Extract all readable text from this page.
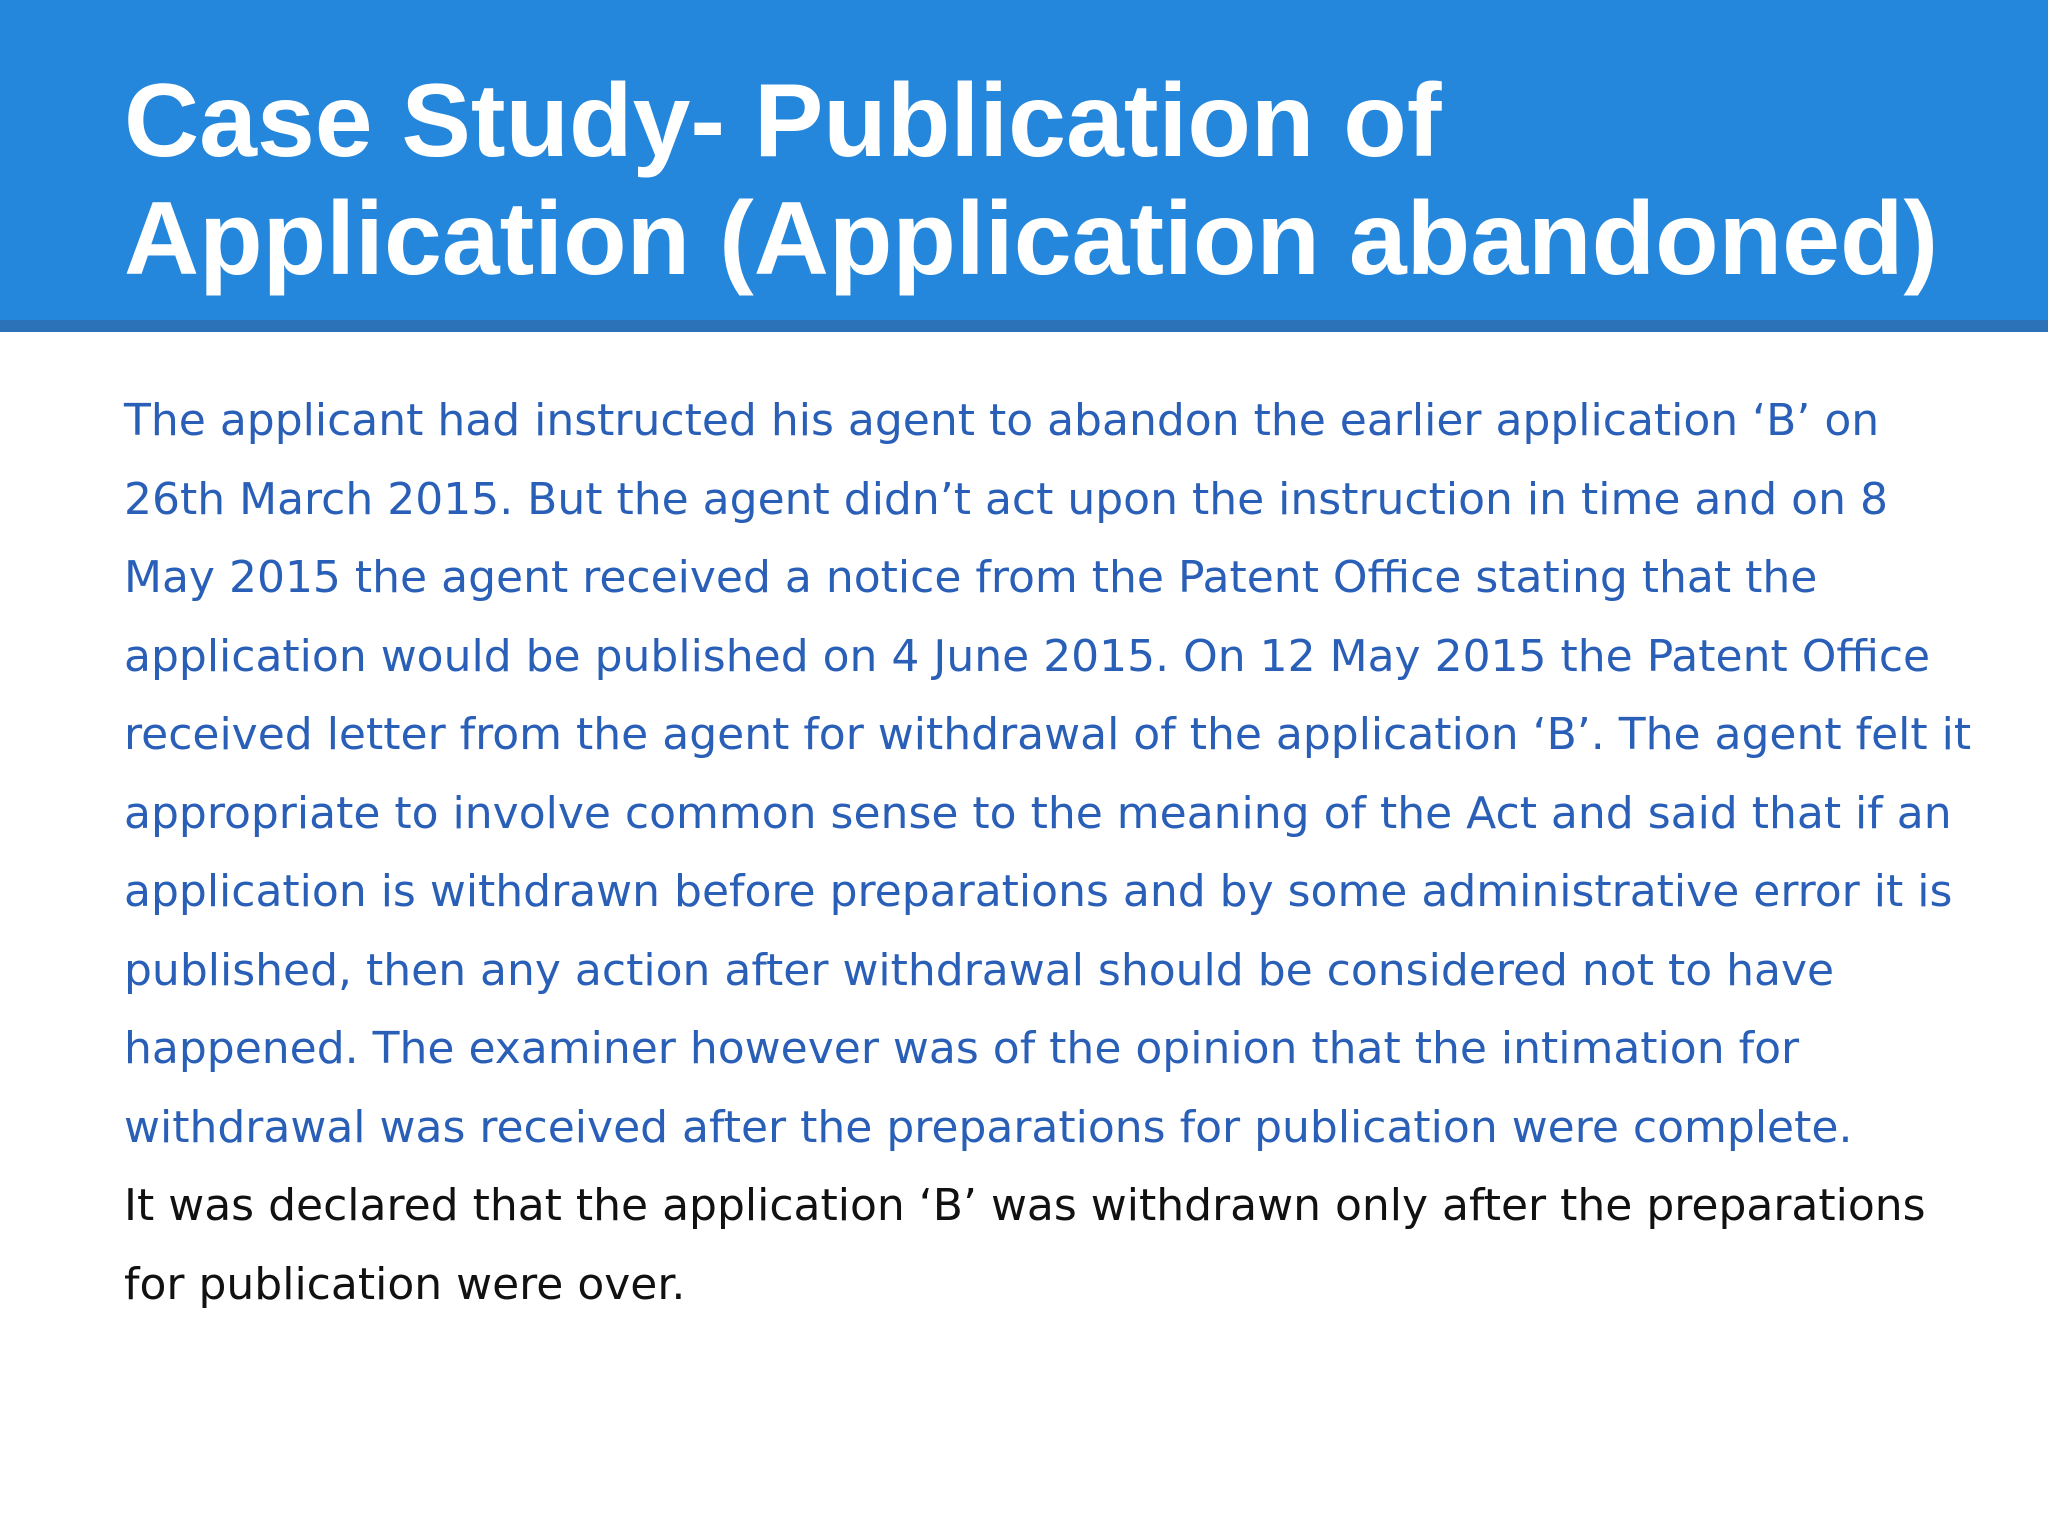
Case Study- Publication of Application (Application abandoned)

The applicant had instructed his agent to abandon the earlier application ‘B’ on 26th March 2015. But the agent didn’t act upon the instruction in time and on 8 May 2015 the agent received a notice from the Patent Office stating that the application would be published on 4 June 2015. On 12 May 2015 the Patent Office received letter from the agent for withdrawal of the application ‘B’. The agent felt it appropriate to involve common sense to the meaning of the Act and said that if an application is withdrawn before preparations and by some administrative error it is published, then any action after withdrawal should be considered not to have happened. The examiner however was of the opinion that the intimation for withdrawal was received after the preparations for publication were complete.

It was declared that the application ‘B’ was withdrawn only after the preparations for publication were over.
